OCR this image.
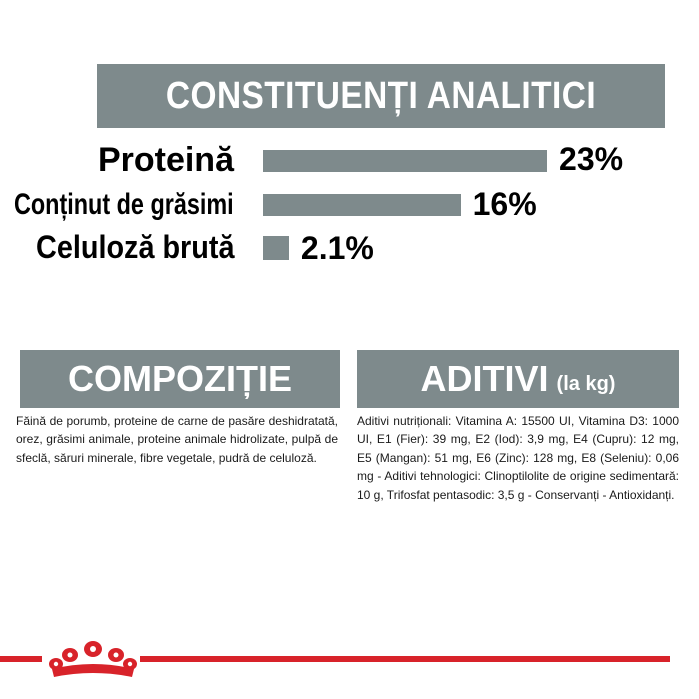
CONSTITUENȚI ANALITICI
Proteină	23%
Conținut de grăsimi	16%
Celuloză brută 2.1%
COMPOZIȚIE
Făină de porumb, proteine de carne de pasăre deshidratată, orez, grăsimi animale, proteine animale hidrolizate, pulpă de sfeclă, săruri minerale, fibre vegetale, pudră de celuloză.
ADITIVI (la kg)
Aditivi nutriționali: Vitamina A: 15500 UI, Vitamina D3: 1000 UI, E1 (Fier): 39 mg, E2 (Iod): 3,9 mg, E4 (Cupru): 12 mg, E5 (Mangan): 51 mg, E6 (Zinc): 128 mg, E8 (Seleniu): 0,06 mg - Aditivi tehnologici: Clinoptilolite de origine sedimentară: 10 g, Trifosfat pentasodic: 3,5 g - Conservanți - Antioxidanți.
